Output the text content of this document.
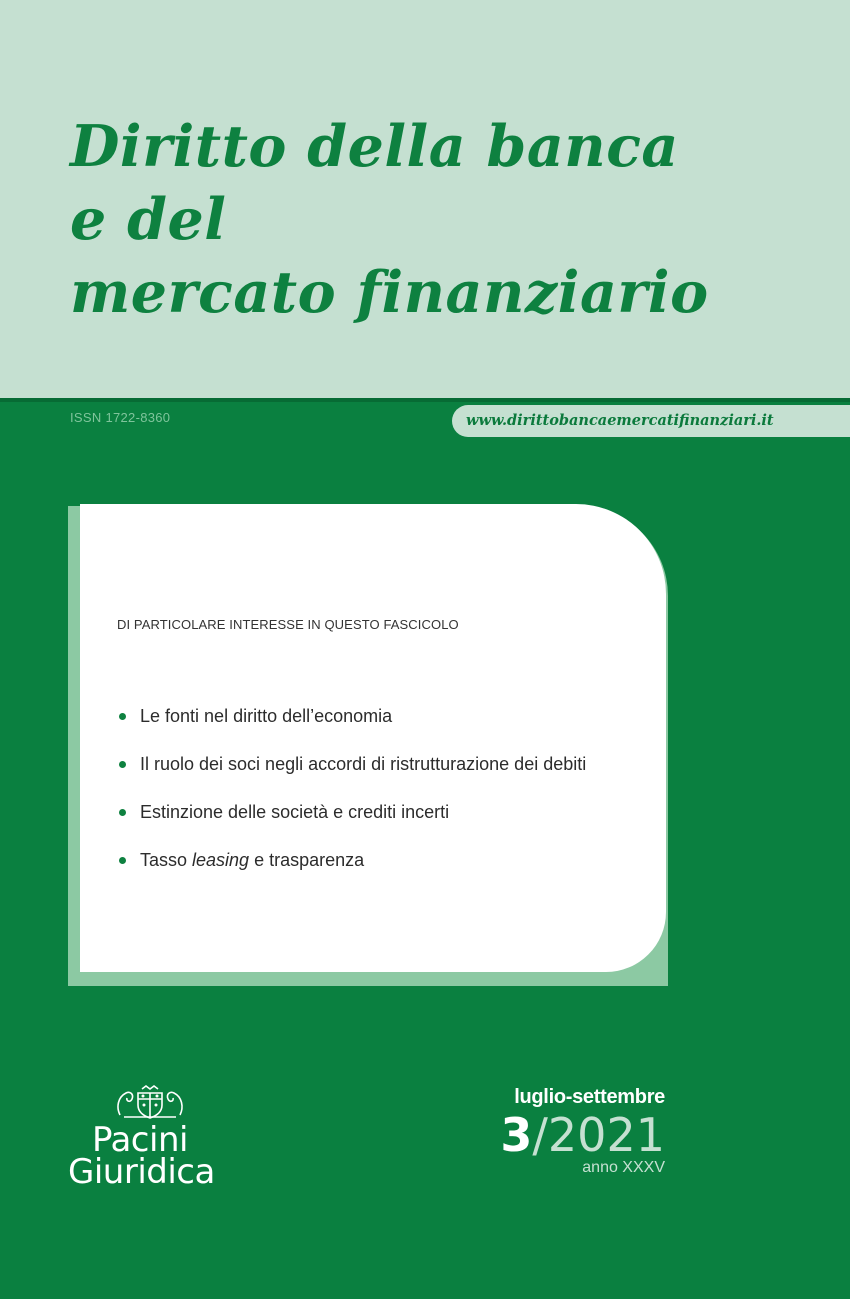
Diritto della banca
e del
mercato finanziario
ISSN 1722-8360	www.dirittobancaemercatifinanziari.it
DI PARTICOLARE INTERESSE IN QUESTO FASCICOLO
Le fonti nel diritto dell’economia
Il ruolo dei soci negli accordi di ristrutturazione dei debiti
Estinzione delle società e crediti incerti
Tasso leasing e trasparenza
Pacini
Giuridica
luglio-settembre
3/2021
anno XXXV
